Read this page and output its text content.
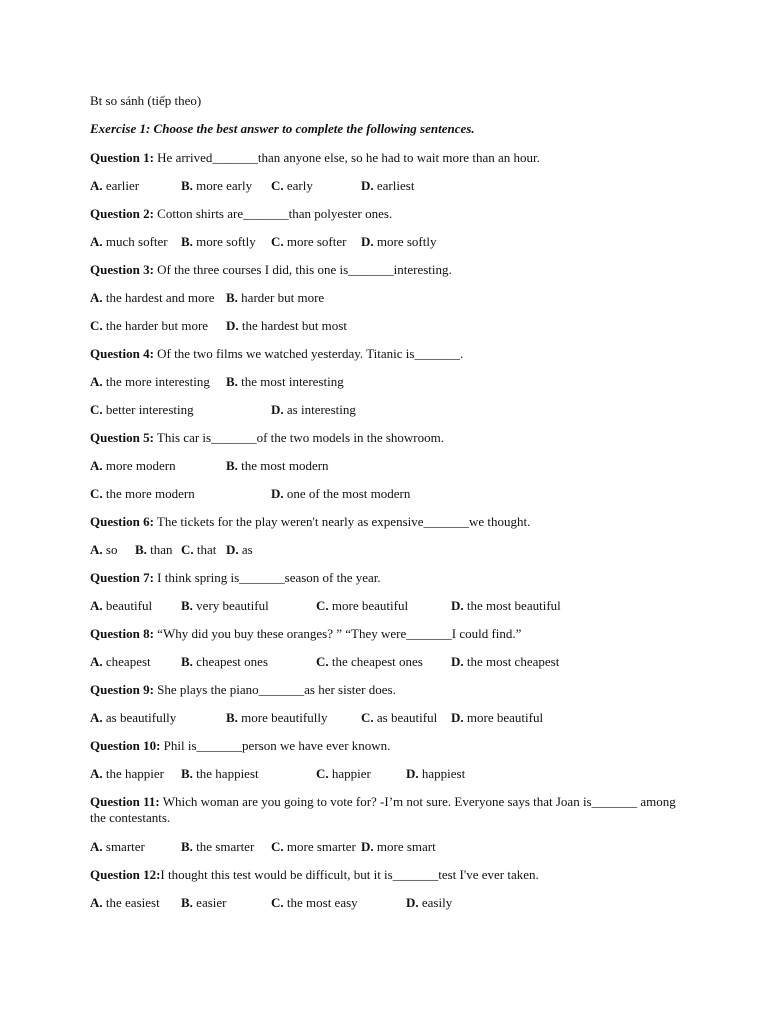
Bt so sánh (tiếp theo)
Exercise 1: Choose the best answer to complete the following sentences.
Question 1: He arrived_______than anyone else, so he had to wait more than an hour.
A. earlier	B. more early C. early	D. earliest
Question 2: Cotton shirts are_______than polyester ones.
A. much softer B. more softly C. more softer D. more softly
Question 3: Of the three courses I did, this one is_______interesting.
A. the hardest and more B. harder but more
C. the harder but more D. the hardest but most
Question 4: Of the two films we watched yesterday. Titanic is_______.
A. the more interesting B. the most interesting
C. better interesting	D. as interesting
Question 5: This car is_______of the two models in the showroom.
A. more modern	B. the most modern
C. the more modern	D. one of the most modern
Question 6: The tickets for the play weren't nearly as expensive_______we thought.
A. so B. than C. that D. as
Question 7: I think spring is_______season of the year.
A. beautiful B. very beautiful	C. more beautiful	D. the most beautiful
Question 8: “Why did you buy these oranges? ” “They were_______I could find.”
A. cheapest B. cheapest ones	C. the cheapest ones D. the most cheapest
Question 9: She plays the piano_______as her sister does.
A. as beautifully	B. more beautifully	C. as beautiful D. more beautiful
Question 10: Phil is_______person we have ever known.
A. the happier B. the happiest	C. happier	D. happiest
Question 11: Which woman are you going to vote for? -I’m not sure. Everyone says that Joan is_______ among the contestants.
A. smarter	B. the smarter C. more smarter D. more smart
Question 12:I thought this test would be difficult, but it is_______test I've ever taken.
A. the easiest B. easier	C. the most easy	D. easily
